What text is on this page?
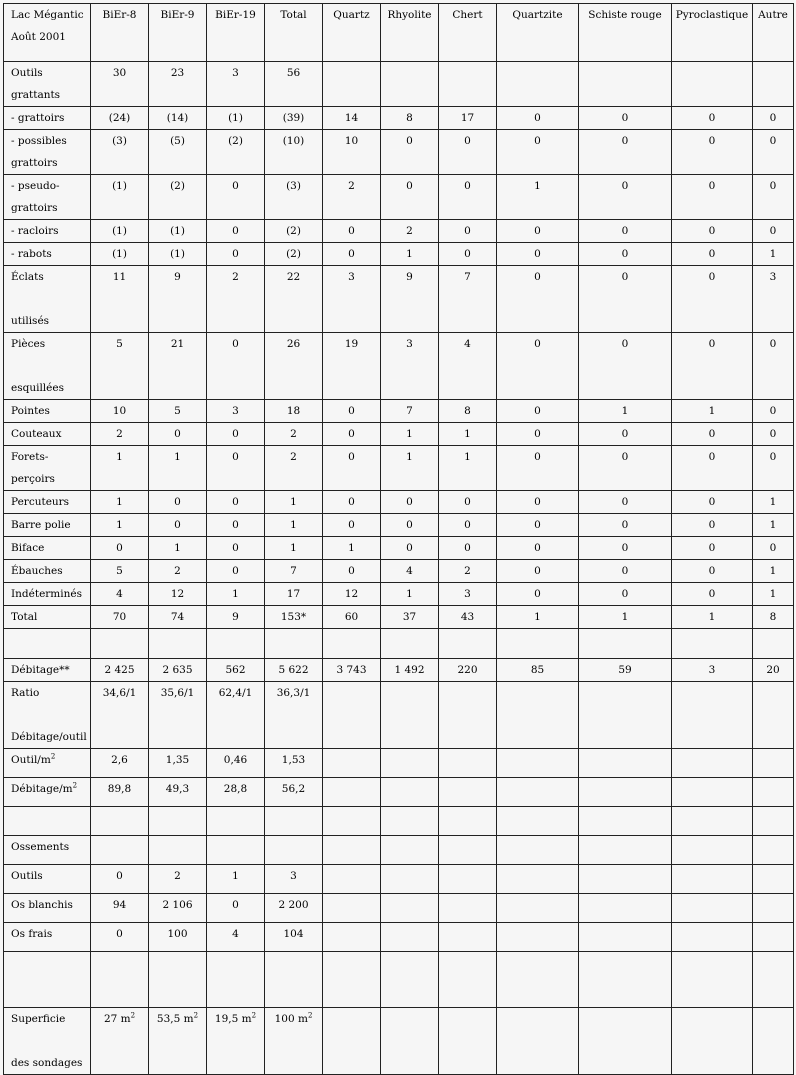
Lac Mégantic
Août 2001	BiEr-8	BiEr-9	BiEr-19	Total	Quartz	Rhyolite	Chert	Quartzite	Schiste rouge	Pyroclastique	Autre
Outils grattants	30	23	3	56							
- grattoirs	(24)	(14)	(1)	(39)	14	8	17	0	0	0	0

- possibles
grattoirs	(3)	(5)	(2)	(10)	10	0	0	0	0	0	0

- pseudo-
grattoirs	(1)	(2)	0	(3)	2	0	0	1	0	0	0
- racloirs	(1)	(1)	0	(2)	0	2	0	0	0	0	0
- rabots	(1)	(1)	0	(2)	0	1	0	0	0	0	1

Éclats

utilisés	11	9	2	22	3	9	7	0	0	0	3

Pièces

esquillées	5	21	0	26	19	3	4	0	0	0	0
Pointes	10	5	3	18	0	7	8	0	1	1	0
Couteaux	2	0	0	2	0	1	1	0	0	0	0
Forets-perçoirs	1	1	0	2	0	1	1	0	0	0	0
Percuteurs	1	0	0	1	0	0	0	0	0	0	1
Barre polie	1	0	0	1	0	0	0	0	0	0	1
Biface	0	1	0	1	1	0	0	0	0	0	0
Ébauches	5	2	0	7	0	4	2	0	0	0	1
Indéterminés	4	12	1	17	12	1	3	0	0	0	1
Total	70	74	9	153*	60	37	43	1	1	1	8

Débitage**	2 425	2 635	562	5 622	3 743	1 492	220	85	59	3	20

Ratio

Débitage/outil	34,6/1	35,6/1	62,4/1	36,3/1							
Outil/$m^2$	2,6	1,35	0,46	1,53							
Débitage/$m^2$	89,8	49,3	28,8	56,2							

Ossements											
Outils	0	2	1	3							
Os blanchis	94	2 106	0	2 200							
Os frais	0	100	4	104							

Superficie

des sondages	27 $m^2$	53,5 $m^2$	19,5 $m^2$	100 $m^2$							
